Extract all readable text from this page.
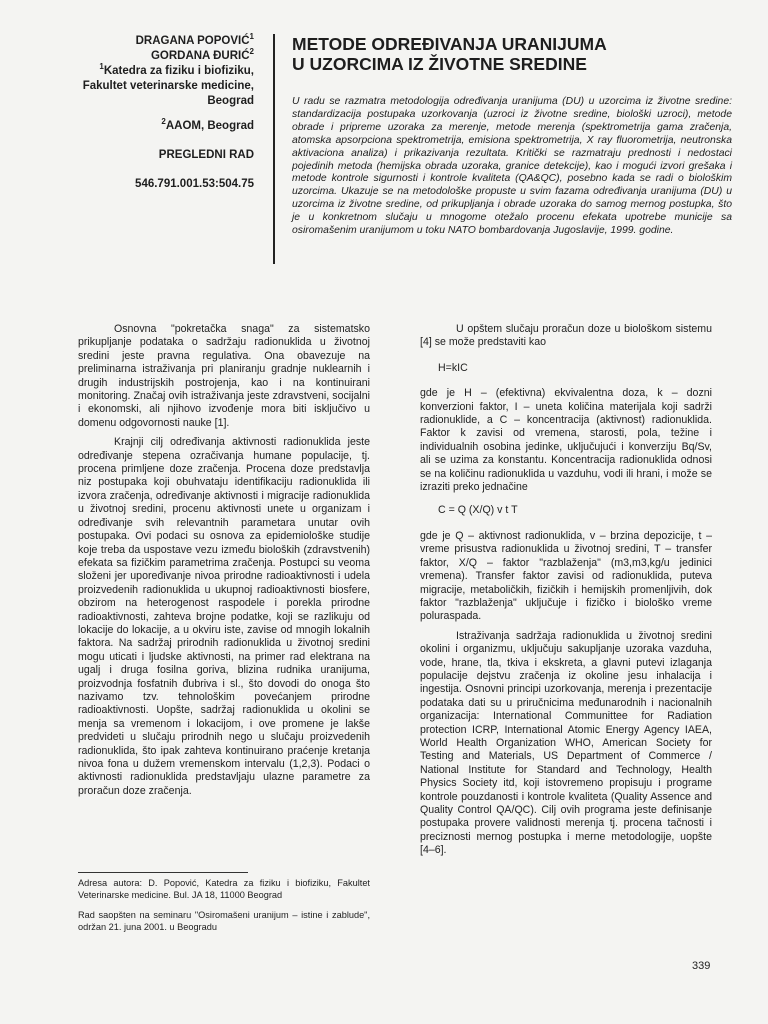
DRAGANA POPOVIĆ$^1$

GORDANA ĐURIĆ$^2$

$^1$Katedra za fiziku i biofiziku,

Fakultet veterinarske medicine,

Beograd

$^2$AAOM, Beograd

PREGLEDNI RAD

546.791.001.53:504.75

METODE ODREĐIVANJA URANIJUMA
U UZORCIMA IZ ŽIVOTNE SREDINE

U radu se razmatra metodologija određivanja uranijuma (DU) u uzorcima iz životne sredine: standardizacija postupaka uzorkovanja (uzroci iz životne sredine, biološki uzroci), metode obrade i pripreme uzoraka za merenje, metode merenja (spektrometrija gama zračenja, atomska apsorpciona spektrometrija, emisiona spektrometrija, X ray fluorometrija, neutronska aktivaciona analiza) i prikazivanja rezultata. Kritički se razmatraju prednosti i nedostaci pojedinih metoda (hemijska obrada uzoraka, granice detekcije), kao i mogući izvori grešaka i metode kontrole sigurnosti i kontrole kvaliteta (QA&QC), posebno kada se radi o biološkim uzorcima. Ukazuje se na metodološke propuste u svim fazama određivanja uranijuma (DU) u uzorcima iz životne sredine, od prikupljanja i obrade uzoraka do samog mernog postupka, što je u konkretnom slučaju u mnogome otežalo procenu efekata upotrebe municije sa osiromašenim uranijumom u toku NATO bombardovanja Jugoslavije, 1999. godine.

Osnovna "pokretačka snaga" za sistematsko prikupljanje podataka o sadržaju radionuklida u životnoj sredini jeste pravna regulativa. Ona obavezuje na preliminarna istraživanja pri planiranju gradnje nuklearnih i drugih industrijskih postrojenja, kao i na kontinuirani monitoring. Značaj ovih istraživanja jeste zdravstveni, socijalni i ekonomski, ali njihovo izvođenje mora biti isključivo u domenu odgovornosti nauke [1].

Krajnji cilj određivanja aktivnosti radionuklida jeste određivanje stepena ozračivanja humane populacije, tj. procena primljene doze zračenja. Procena doze predstavlja niz postupaka koji obuhvataju identifikaciju radionuklida ili izvora zračenja, određivanje aktivnosti i migracije radionuklida u životnoj sredini, procenu aktivnosti unete u organizam i određivanje svih relevantnih parametara unutar ovih postupaka. Ovi podaci su osnova za epidemiološke studije koje treba da uspostave vezu između bioloških (zdravstvenih) efekata sa fizičkim parametrima zračenja. Postupci su veoma složeni jer upoređivanje nivoa prirodne radioaktivnosti i udela proizvedenih radionuklida u ukupnoj radioaktivnosti biosfere, obzirom na heterogenost raspodele i porekla prirodne radioaktivnosti, zahteva brojne podatke, koji se razlikuju od lokacije do lokacije, a u okviru iste, zavise od mnogih lokalnih faktora. Na sadržaj prirodnih radionuklida u životnoj sredini mogu uticati i ljudske aktivnosti, na primer rad elektrana na ugalj i druga fosilna goriva, blizina rudnika uranijuma, proizvodnja fosfatnih đubriva i sl., što dovodi do onoga što nazivamo tzv. tehnološkim povećanjem prirodne radioaktivnosti. Uopšte, sadržaj radionuklida u okolini se menja sa vremenom i lokacijom, i ove promene je lakše predvideti u slučaju prirodnih nego u slučaju proizvedenih radionuklida, što ipak zahteva kontinuirano praćenje kretanja nivoa fona u dužem vremenskom intervalu (1,2,3). Podaci o aktivnosti radionuklida predstavljaju ulazne parametre za proračun doze zračenja.

Adresa autora: D. Popović, Katedra za fiziku i biofiziku, Fakultet Veterinarske medicine. Bul. JA 18, 11000 Beograd

Rad saopšten na seminaru "Osiromašeni uranijum – istine i zablude", održan 21. juna 2001. u Beogradu

U opštem slučaju proračun doze u biološkom sistemu [4] se može predstaviti kao

H=kIC

gde je H – (efektivna) ekvivalentna doza, k – dozni konverzioni faktor, I – uneta količina materijala koji sadrži radionuklide, a C – koncentracija (aktivnost) radionuklida. Faktor k zavisi od vremena, starosti, pola, težine i individualnih osobina jedinke, uključujući i konverziju Bq/Sv, ali se uzima za konstantu. Koncentracija radionuklida odnosi se na količinu radionuklida u vazduhu, vodi ili hrani, i može se izraziti preko jednačine

C = Q (X/Q) v t T

gde je Q – aktivnost radionuklida, v – brzina depozicije, t – vreme prisustva radionuklida u životnoj sredini, T – transfer faktor, X/Q – faktor "razblaženja" (m3,m3,kg/u jedinici vremena). Transfer faktor zavisi od radionuklida, puteva migracije, metaboličkih, fizičkih i hemijskih promenljivih, dok faktor "razblaženja" uključuje i fizičko i biološko vreme poluraspada.

Istraživanja sadržaja radionuklida u životnoj sredini okolini i organizmu, uključuju sakupljanje uzoraka vazduha, vode, hrane, tla, tkiva i ekskreta, a glavni putevi izlaganja populacije dejstvu zračenja iz okoline jesu inhalacija i ingestija. Osnovni principi uzorkovanja, merenja i prezentacije podataka dati su u priručnicima međunarodnih i nacionalnih organizacija: International Communittee for Radiation protection ICRP, International Atomic Energy Agency IAEA, World Health Organization WHO, American Society for Testing and Materials, US Department of Commerce / National Institute for Standard and Technology, Health Physics Society itd, koji istovremeno propisuju i programe kontrole pouzdanosti i kontrole kvaliteta (Quality Assence and Quality Control QA/QC). Cilj ovih programa jeste definisanje postupaka provere validnosti merenja tj. procena tačnosti i preciznosti mernog postupka i merne metodologije, uopšte [4–6].

339
